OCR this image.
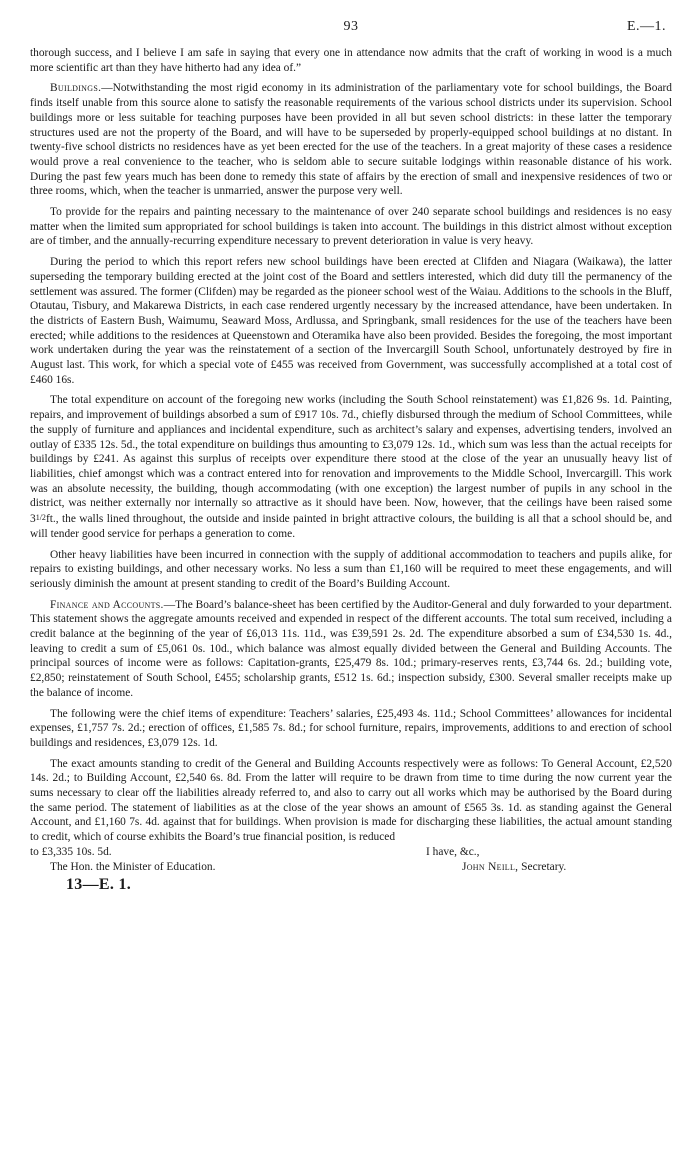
93	E.—1.

thorough success, and I believe I am safe in saying that every one in attendance now admits that the craft of working in wood is a much more scientific art than they have hitherto had any idea of.”

Buildings.—Notwithstanding the most rigid economy in its administration of the parliamentary vote for school buildings, the Board finds itself unable from this source alone to satisfy the reasonable requirements of the various school districts under its supervision. School buildings more or less suitable for teaching purposes have been provided in all but seven school districts: in these latter the temporary structures used are not the property of the Board, and will have to be superseded by properly-equipped school buildings at no distant. In twenty-five school districts no residences have as yet been erected for the use of the teachers. In a great majority of these cases a residence would prove a real convenience to the teacher, who is seldom able to secure suitable lodgings within reasonable distance of his work. During the past few years much has been done to remedy this state of affairs by the erection of small and inexpensive residences of two or three rooms, which, when the teacher is unmarried, answer the purpose very well.

To provide for the repairs and painting necessary to the maintenance of over 240 separate school buildings and residences is no easy matter when the limited sum appropriated for school buildings is taken into account. The buildings in this district almost without exception are of timber, and the annually-recurring expenditure necessary to prevent deterioration in value is very heavy.

During the period to which this report refers new school buildings have been erected at Clifden and Niagara (Waikawa), the latter superseding the temporary building erected at the joint cost of the Board and settlers interested, which did duty till the permanency of the settlement was assured. The former (Clifden) may be regarded as the pioneer school west of the Waiau. Additions to the schools in the Bluff, Otautau, Tisbury, and Makarewa Districts, in each case rendered urgently necessary by the increased attendance, have been undertaken. In the districts of Eastern Bush, Waimumu, Seaward Moss, Ardlussa, and Springbank, small residences for the use of the teachers have been erected; while additions to the residences at Queenstown and Oteramika have also been provided. Besides the foregoing, the most important work undertaken during the year was the reinstatement of a section of the Invercargill South School, unfortunately destroyed by fire in August last. This work, for which a special vote of £455 was received from Government, was successfully accomplished at a total cost of £460 16s.

The total expenditure on account of the foregoing new works (including the South School reinstatement) was £1,826 9s. 1d. Painting, repairs, and improvement of buildings absorbed a sum of £917 10s. 7d., chiefly disbursed through the medium of School Committees, while the supply of furniture and appliances and incidental expenditure, such as architect’s salary and expenses, advertising tenders, involved an outlay of £335 12s. 5d., the total expenditure on buildings thus amounting to £3,079 12s. 1d., which sum was less than the actual receipts for buildings by £241. As against this surplus of receipts over expenditure there stood at the close of the year an unusually heavy list of liabilities, chief amongst which was a contract entered into for renovation and improvements to the Middle School, Invercargill. This work was an absolute necessity, the building, though accommodating (with one exception) the largest number of pupils in any school in the district, was neither externally nor internally so attractive as it should have been. Now, however, that the ceilings have been raised some 31/2ft., the walls lined throughout, the outside and inside painted in bright attractive colours, the building is all that a school should be, and will tender good service for perhaps a generation to come.

Other heavy liabilities have been incurred in connection with the supply of additional accommodation to teachers and pupils alike, for repairs to existing buildings, and other necessary works. No less a sum than £1,160 will be required to meet these engagements, and will seriously diminish the amount at present standing to credit of the Board’s Building Account.

Finance and Accounts.—The Board’s balance-sheet has been certified by the Auditor-General and duly forwarded to your department. This statement shows the aggregate amounts received and expended in respect of the different accounts. The total sum received, including a credit balance at the beginning of the year of £6,013 11s. 11d., was £39,591 2s. 2d. The expenditure absorbed a sum of £34,530 1s. 4d., leaving to credit a sum of £5,061 0s. 10d., which balance was almost equally divided between the General and Building Accounts. The principal sources of income were as follows: Capitation-grants, £25,479 8s. 10d.; primary-reserves rents, £3,744 6s. 2d.; building vote, £2,850; reinstatement of South School, £455; scholarship grants, £512 1s. 6d.; inspection subsidy, £300. Several smaller receipts make up the balance of income.

The following were the chief items of expenditure: Teachers’ salaries, £25,493 4s. 11d.; School Committees’ allowances for incidental expenses, £1,757 7s. 2d.; erection of offices, £1,585 7s. 8d.; for school furniture, repairs, improvements, additions to and erection of school buildings and residences, £3,079 12s. 1d.

The exact amounts standing to credit of the General and Building Accounts respectively were as follows: To General Account, £2,520 14s. 2d.; to Building Account, £2,540 6s. 8d. From the latter will require to be drawn from time to time during the now current year the sums necessary to clear off the liabilities already referred to, and also to carry out all works which may be authorised by the Board during the same period. The statement of liabilities as at the close of the year shows an amount of £565 3s. 1d. as standing against the General Account, and £1,160 7s. 4d. against that for buildings. When provision is made for discharging these liabilities, the actual amount standing to credit, which of course exhibits the Board’s true financial position, is reduced

to £3,335 10s. 5d.	I have, &c.,
The Hon. the Minister of Education.	John Neill, Secretary.
13—E. 1.
